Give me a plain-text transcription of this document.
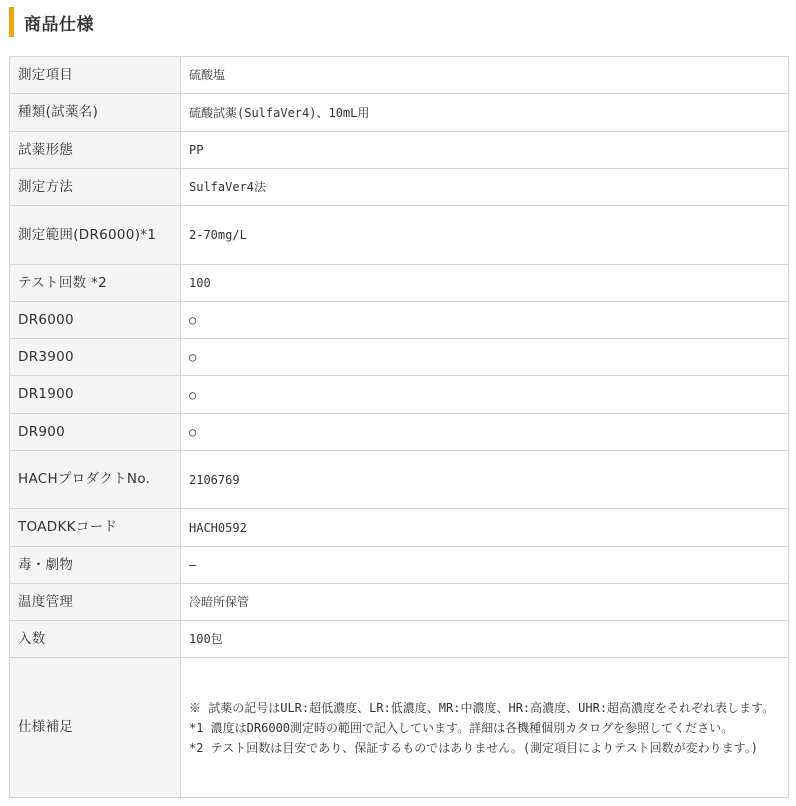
商品仕様
測定項目	硫酸塩
種類(試薬名)	硫酸試薬(SulfaVer4)、10mL用
試薬形態	PP
測定方法	SulfaVer4法
測定範囲(DR6000)*1	2-70mg/L
テスト回数 *2	100
DR6000	○
DR3900	○
DR1900	○
DR900	○
HACHプロダクトNo.	2106769
TOADKKコード	HACH0592
毒・劇物	—
温度管理	冷暗所保管
入数	100包
仕様補足	※ 試薬の記号はULR:超低濃度、LR:低濃度、MR:中濃度、HR:高濃度、UHR:超高濃度をそれぞれ表します。
*1 濃度はDR6000測定時の範囲で記入しています。詳細は各機種個別カタログを参照してください。
*2 テスト回数は目安であり、保証するものではありません。(測定項目によりテスト回数が変わります。)
